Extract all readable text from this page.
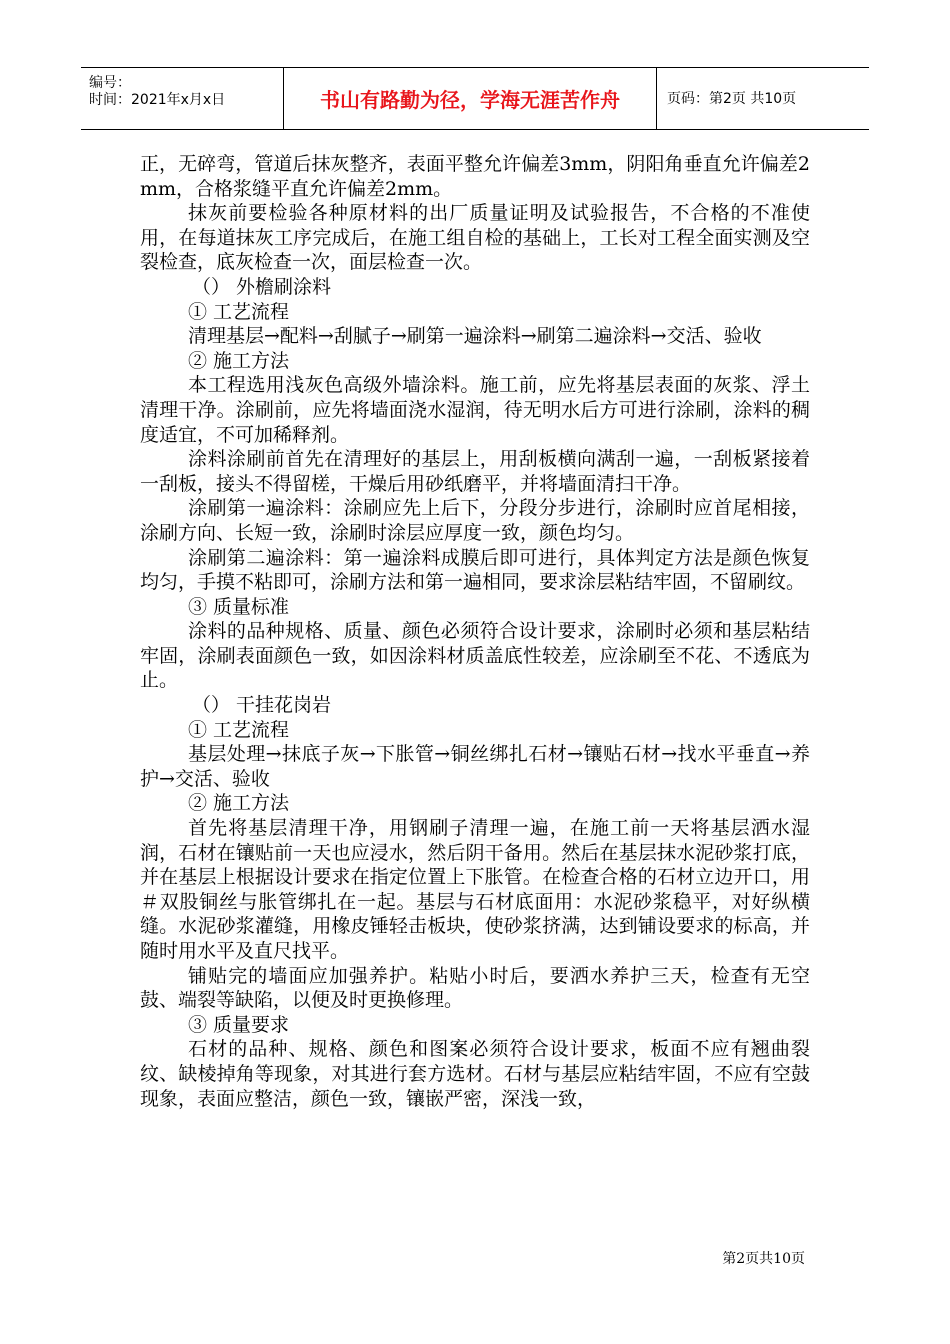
编号：
时间：2021年x月x日	书山有路勤为径，学海无涯苦作舟	页码：第2页 共10页

正，无碎弯，管道后抹灰整齐，表面平整允许偏差3mm，阴阳角垂直允许偏差2mm，合格浆缝平直允许偏差2mm。

抹灰前要检验各种原材料的出厂质量证明及试验报告，不合格的不准使用，在每道抹灰工序完成后，在施工组自检的基础上，工长对工程全面实测及空裂检查，底灰检查一次，面层检查一次。

（） 外檐刷涂料

① 工艺流程

清理基层→配料→刮腻子→刷第一遍涂料→刷第二遍涂料→交活、验收

② 施工方法

本工程选用浅灰色高级外墙涂料。施工前，应先将基层表面的灰浆、浮土清理干净。涂刷前，应先将墙面浇水湿润，待无明水后方可进行涂刷，涂料的稠度适宜，不可加稀释剂。

涂料涂刷前首先在清理好的基层上，用刮板横向满刮一遍，一刮板紧接着一刮板，接头不得留槎，干燥后用砂纸磨平，并将墙面清扫干净。

涂刷第一遍涂料：涂刷应先上后下，分段分步进行，涂刷时应首尾相接，涂刷方向、长短一致，涂刷时涂层应厚度一致，颜色均匀。

涂刷第二遍涂料：第一遍涂料成膜后即可进行，具体判定方法是颜色恢复均匀，手摸不粘即可，涂刷方法和第一遍相同，要求涂层粘结牢固，不留刷纹。

③ 质量标准

涂料的品种规格、质量、颜色必须符合设计要求，涂刷时必须和基层粘结牢固，涂刷表面颜色一致，如因涂料材质盖底性较差，应涂刷至不花、不透底为止。

（） 干挂花岗岩

① 工艺流程

基层处理→抹底子灰→下胀管→铜丝绑扎石材→镶贴石材→找水平垂直→养护→交活、验收

② 施工方法

首先将基层清理干净，用钢刷子清理一遍，在施工前一天将基层洒水湿润，石材在镶贴前一天也应浸水，然后阴干备用。然后在基层抹水泥砂浆打底，并在基层上根据设计要求在指定位置上下胀管。在检查合格的石材立边开口，用＃双股铜丝与胀管绑扎在一起。基层与石材底面用：水泥砂浆稳平，对好纵横缝。水泥砂浆灌缝，用橡皮锤轻击板块，使砂浆挤满，达到铺设要求的标高，并随时用水平及直尺找平。

铺贴完的墙面应加强养护。粘贴小时后，要洒水养护三天，检查有无空鼓、端裂等缺陷，以便及时更换修理。

③ 质量要求

石材的品种、规格、颜色和图案必须符合设计要求，板面不应有翘曲裂纹、缺棱掉角等现象，对其进行套方选材。石材与基层应粘结牢固，不应有空鼓现象，表面应整洁，颜色一致，镶嵌严密，深浅一致，

第2页共10页
